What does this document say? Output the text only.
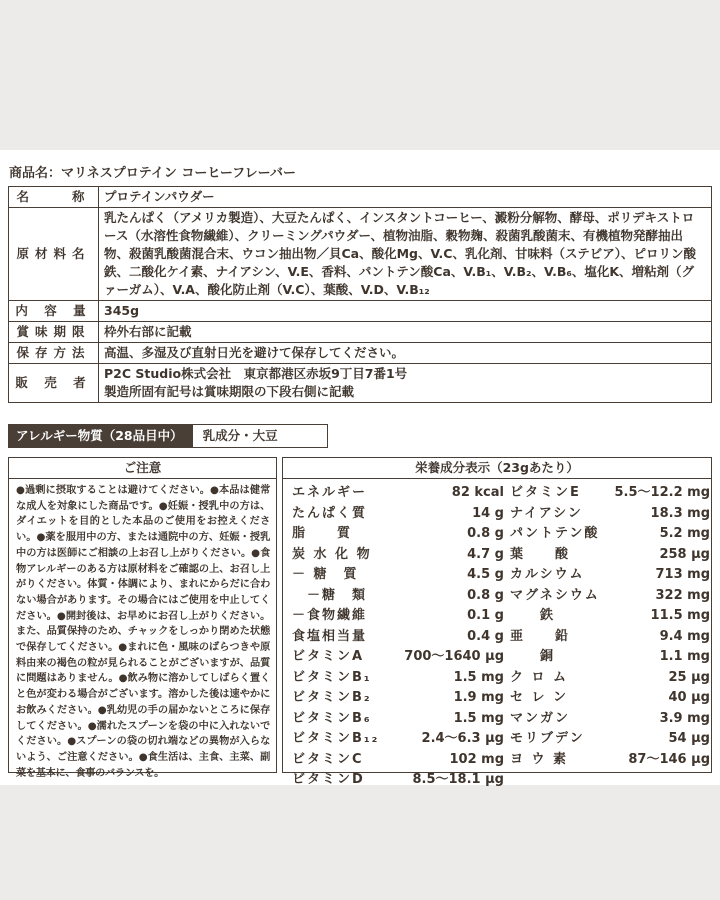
商品名：マリネスプロテイン コーヒーフレーバー
名　　称	プロテインパウダー
原材料名	乳たんぱく（アメリカ製造）、大豆たんぱく、インスタントコーヒー、澱粉分解物、酵母、ポリデキストロース（水溶性食物繊維）、クリーミングパウダー、植物油脂、穀物麹、殺菌乳酸菌末、有機植物発酵抽出物、殺菌乳酸菌混合末、ウコン抽出物／貝Ca、酸化Mg、V.C、乳化剤、甘味料（ステビア）、ピロリン酸鉄、二酸化ケイ素、ナイアシン、V.E、香料、パントテン酸Ca、V.B₁、V.B₂、V.B₆、塩化K、増粘剤（グァーガム）、V.A、酸化防止剤（V.C）、葉酸、V.D、V.B₁₂
内 容 量	345g
賞味期限	枠外右部に記載
保存方法	高温、多湿及び直射日光を避けて保存してください。
販 売 者	P2C Studio株式会社　東京都港区赤坂9丁目7番1号
製造所固有記号は賞味期限の下段右側に記載
アレルギー物質（28品目中）	乳成分・大豆
ご注意
●過剰に摂取することは避けてください。●本品は健常な成人を対象にした商品です。●妊娠・授乳中の方は、ダイエットを目的とした本品のご使用をお控えください。●薬を服用中の方、または通院中の方、妊娠・授乳中の方は医師にご相談の上お召し上がりください。●食物アレルギーのある方は原材料をご確認の上、お召し上がりください。体質・体調により、まれにからだに合わない場合があります。その場合にはご使用を中止してください。●開封後は、お早めにお召し上がりください。また、品質保持のため、チャックをしっかり閉めた状態で保存してください。●まれに色・風味のばらつきや原料由来の褐色の粒が見られることがございますが、品質に問題はありません。●飲み物に溶かしてしばらく置くと色が変わる場合がございます。溶かした後は速やかにお飲みください。●乳幼児の手の届かないところに保存してください。●濡れたスプーンを袋の中に入れないでください。●スプーンの袋の切れ端などの異物が入らないよう、ご注意ください。●食生活は、主食、主菜、副菜を基本に、食事のバランスを。
栄養成分表示（23gあたり）
エネルギー	82 kcal
たんぱく質	14 g
脂　　質	0.8 g
炭 水 化 物	4.7 g
－ 糖　質	4.5 g
　－糖　類	0.8 g
－食物繊維	0.1 g
食塩相当量	0.4 g
ビタミンA	700～1640 μg
ビタミンB₁	1.5 mg
ビタミンB₂	1.9 mg
ビタミンB₆	1.5 mg
ビタミンB₁₂	2.4～6.3 μg
ビタミンC	102 mg
ビタミンD	8.5～18.1 μg
ビタミンE	5.5～12.2 mg
ナイアシン	18.3 mg
パントテン酸	5.2 mg
葉　　酸	258 μg
カルシウム	713 mg
マグネシウム	322 mg
　　鉄	11.5 mg
亜　　鉛	9.4 mg
　　銅	1.1 mg
ク ロ ム	25 μg
セ レ ン	40 μg
マンガン	3.9 mg
モリブデン	54 μg
ヨ ウ 素	87～146 μg
